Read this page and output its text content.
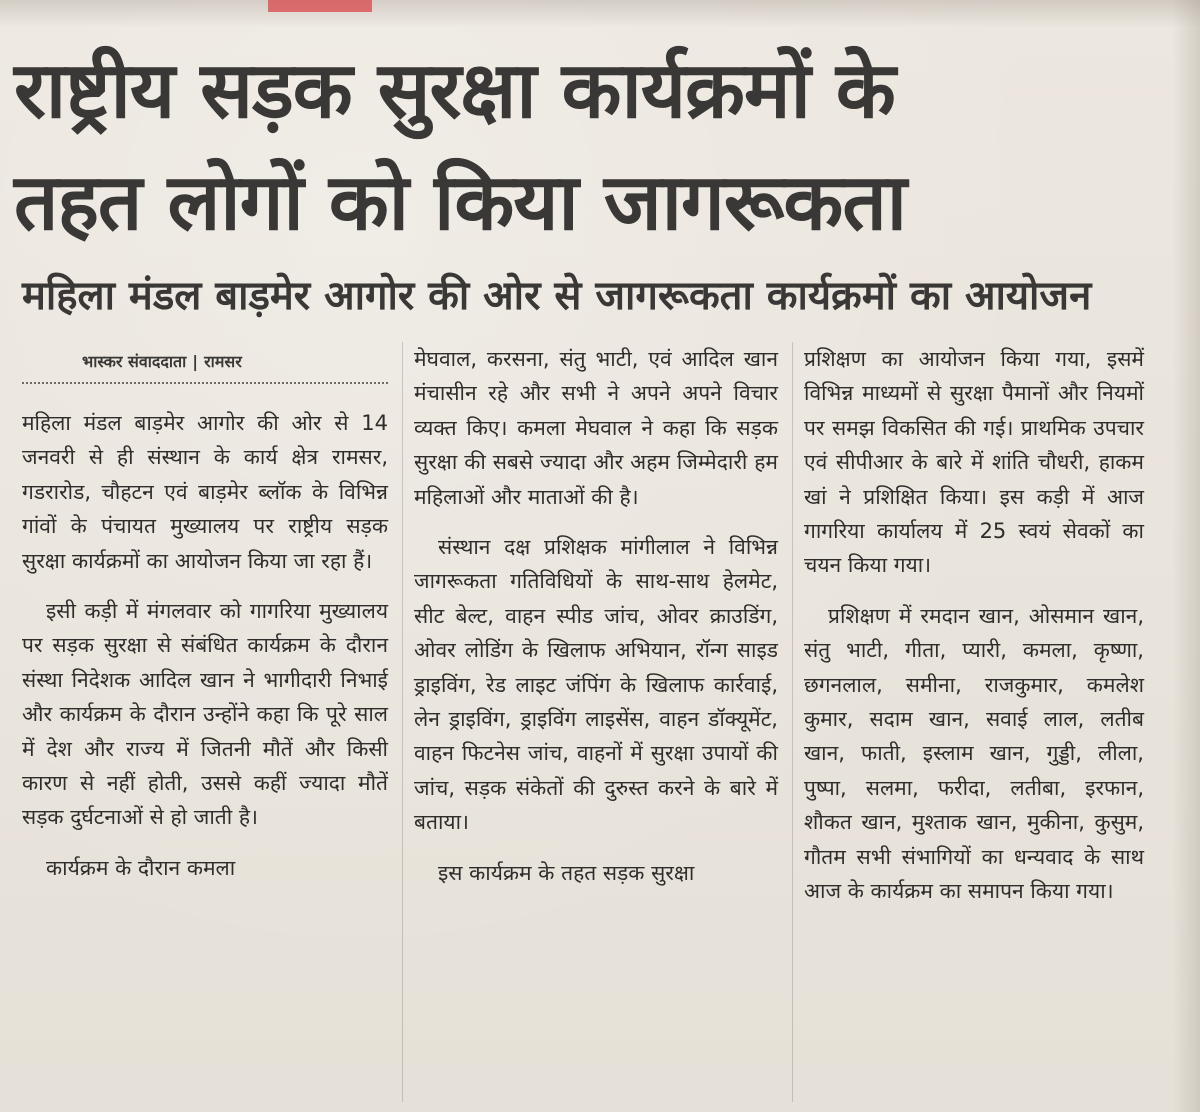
राष्ट्रीय सड़क सुरक्षा कार्यक्रमों के
तहत लोगों को किया जागरूकता
महिला मंडल बाड़मेर आगोर की ओर से जागरूकता कार्यक्रमों का आयोजन
भास्कर संवाददाता | रामसर

महिला मंडल बाड़मेर आगोर की ओर से 14 जनवरी से ही संस्थान के कार्य क्षेत्र रामसर, गडरारोड, चौहटन एवं बाड़मेर ब्लॉक के विभिन्न गांवों के पंचायत मुख्यालय पर राष्ट्रीय सड़क सुरक्षा कार्यक्रमों का आयोजन किया जा रहा हैं।

इसी कड़ी में मंगलवार को गागरिया मुख्यालय पर सड़क सुरक्षा से संबंधित कार्यक्रम के दौरान संस्था निदेशक आदिल खान ने भागीदारी निभाई और कार्यक्रम के दौरान उन्होंने कहा कि पूरे साल में देश और राज्य में जितनी मौतें और किसी कारण से नहीं होती, उससे कहीं ज्यादा मौतें सड़क दुर्घटनाओं से हो जाती है।

कार्यक्रम के दौरान कमला

मेघवाल, करसना, संतु भाटी, एवं आदिल खान मंचासीन रहे और सभी ने अपने अपने विचार व्यक्त किए। कमला मेघवाल ने कहा कि सड़क सुरक्षा की सबसे ज्यादा और अहम जिम्मेदारी हम महिलाओं और माताओं की है।

संस्थान दक्ष प्रशिक्षक मांगीलाल ने विभिन्न जागरूकता गतिविधियों के साथ-साथ हेलमेट, सीट बेल्ट, वाहन स्पीड जांच, ओवर क्राउडिंग, ओवर लोडिंग के खिलाफ अभियान, रॉन्ग साइड ड्राइविंग, रेड लाइट जंपिंग के खिलाफ कार्रवाई, लेन ड्राइविंग, ड्राइविंग लाइसेंस, वाहन डॉक्यूमेंट, वाहन फिटनेस जांच, वाहनों में सुरक्षा उपायों की जांच, सड़क संकेतों की दुरुस्त करने के बारे में बताया।

इस कार्यक्रम के तहत सड़क सुरक्षा

प्रशिक्षण का आयोजन किया गया, इसमें विभिन्न माध्यमों से सुरक्षा पैमानों और नियमों पर समझ विकसित की गई। प्राथमिक उपचार एवं सीपीआर के बारे में शांति चौधरी, हाकम खां ने प्रशिक्षित किया। इस कड़ी में आज गागरिया कार्यालय में 25 स्वयं सेवकों का चयन किया गया।

प्रशिक्षण में रमदान खान, ओसमान खान, संतु भाटी, गीता, प्यारी, कमला, कृष्णा, छगनलाल, समीना, राजकुमार, कमलेश कुमार, सदाम खान, सवाई लाल, लतीब खान, फाती, इस्लाम खान, गुड्डी, लीला, पुष्पा, सलमा, फरीदा, लतीबा, इरफान, शौकत खान, मुश्ताक खान, मुकीना, कुसुम, गौतम सभी संभागियों का धन्यवाद के साथ आज के कार्यक्रम का समापन किया गया।
